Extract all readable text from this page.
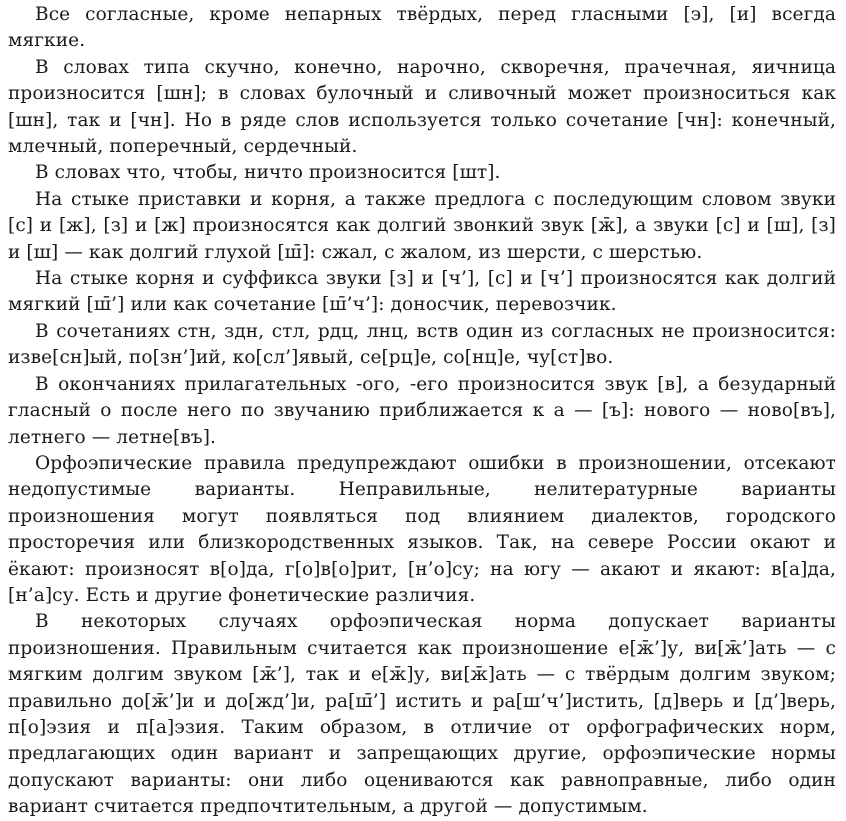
Все согласные, кроме непарных твёрдых, перед гласными [э], [и] всегда мягкие.

В словах типа скучно, конечно, нарочно, скворечня, прачечная, яичница произносится [шн]; в словах булочный и сливочный может произноситься как [шн], так и [чн]. Но в ряде слов используется только сочетание [чн]: конечный, млечный, поперечный, сердечный.

В словах что, чтобы, ничто произносится [шт].

На стыке приставки и корня, а также предлога с последующим словом звуки [с] и [ж], [з] и [ж] произносятся как долгий звонкий звук [ж̄], а звуки [с] и [ш], [з] и [ш] — как долгий глухой [ш̄]: сжал, с жалом, из шерсти, с шерстью.

На стыке корня и суффикса звуки [з] и [ч’], [с] и [ч’] произносятся как долгий мягкий [ш̄’] или как сочетание [ш̄’ч’]: доносчик, перевозчик.

В сочетаниях стн, здн, стл, рдц, лнц, вств один из согласных не произносится: изве[сн]ый, по[зн’]ий, ко[сл’]явый, се[рц]е, со[нц]е, чу[ст]во.

В окончаниях прилагательных -ого, -его произносится звук [в], а безударный гласный о после него по звучанию приближается к а — [ъ]: нового — ново[въ], летнего — летне[въ].

Орфоэпические правила предупреждают ошибки в произношении, отсекают недопустимые варианты. Неправильные, нелитературные варианты произношения могут появляться под влиянием диалектов, городского просторечия или близкородственных языков. Так, на севере России окают и ёкают: произносят в[о]да, г[о]в[о]рит, [н’о]су; на югу — акают и якают: в[а]да, [н’а]су. Есть и другие фонетические различия.

В некоторых случаях орфоэпическая норма допускает варианты произношения. Правильным считается как произношение е[ж̄’]у, ви[ж̄’]ать — с мягким долгим звуком [ж̄’], так и е[ж̄]у, ви[ж̄]ать — с твёрдым долгим звуком; правильно до[ж̄’]и и до[жд’]и, ра[ш̄’] истить и ра[ш’ч’]истить, [д]верь и [д’]верь, п[о]эзия и п[а]эзия. Таким образом, в отличие от орфографических норм, предлагающих один вариант и запрещающих другие, орфоэпические нормы допускают варианты: они либо оцениваются как равноправные, либо один вариант считается предпочтительным, а другой — допустимым.
